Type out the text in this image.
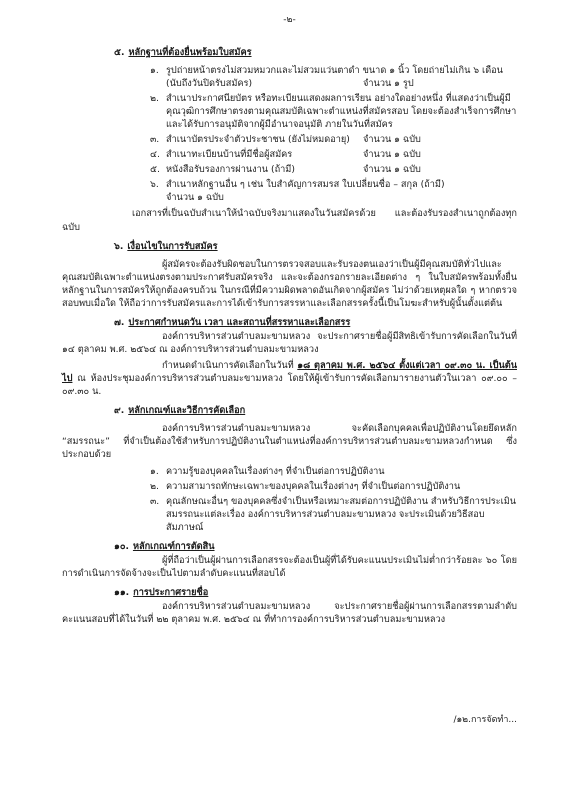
-๒-
๕. หลักฐานที่ต้องยื่นพร้อมใบสมัคร
๑. รูปถ่ายหน้าตรงไม่สวมหมวกและไม่สวมแว่นตาดำ ขนาด ๑ นิ้ว โดยถ่ายไม่เกิน ๖ เดือน
(นับถึงวันปิดรับสมัคร)	จำนวน ๑ รูป
๒. สำเนาประกาศนียบัตร หรือทะเบียนแสดงผลการเรียน อย่างใดอย่างหนึ่ง ที่แสดงว่าเป็นผู้มีคุณวุฒิการศึกษาตรงตามคุณสมบัติเฉพาะตำแหน่งที่สมัครสอบ โดยจะต้องสำเร็จการศึกษาและได้รับการอนุมัติจากผู้มีอำนาจอนุมัติ ภายในวันที่สมัคร
๓. สำเนาบัตรประจำตัวประชาชน (ยังไม่หมดอายุ)	จำนวน ๑ ฉบับ
๔. สำเนาทะเบียนบ้านที่มีชื่อผู้สมัคร	จำนวน ๑ ฉบับ
๕. หนังสือรับรองการผ่านงาน (ถ้ามี)	จำนวน ๑ ฉบับ
๖. สำเนาหลักฐานอื่น ๆ เช่น ใบสำคัญการสมรส ใบเปลี่ยนชื่อ – สกุล (ถ้ามี)
จำนวน ๑ ฉบับ
เอกสารที่เป็นฉบับสำเนาให้นำฉบับจริงมาแสดงในวันสมัครด้วย และต้องรับรองสำเนาถูกต้องทุกฉบับ
๖. เงื่อนไขในการรับสมัคร
ผู้สมัครจะต้องรับผิดชอบในการตรวจสอบและรับรองตนเองว่าเป็นผู้มีคุณสมบัติทั่วไปและคุณสมบัติเฉพาะตำแหน่งตรงตามประกาศรับสมัครจริง และจะต้องกรอกรายละเอียดต่าง ๆ ในใบสมัครพร้อมทั้งยื่นหลักฐานในการสมัครให้ถูกต้องครบถ้วน ในกรณีที่มีความผิดพลาดอันเกิดจากผู้สมัคร ไม่ว่าด้วยเหตุผลใด ๆ หากตรวจสอบพบเมื่อใด ให้ถือว่าการรับสมัครและการได้เข้ารับการสรรหาและเลือกสรรครั้งนี้เป็นโมฆะสำหรับผู้นั้นตั้งแต่ต้น
๗. ประกาศกำหนดวัน เวลา และสถานที่สรรหาและเลือกสรร
องค์การบริหารส่วนตำบลมะขามหลวง จะประกาศรายชื่อผู้มีสิทธิเข้ารับการคัดเลือกในวันที่ ๑๔ ตุลาคม พ.ศ. ๒๕๖๔ ณ องค์การบริหารส่วนตำบลมะขามหลวง
กำหนดดำเนินการคัดเลือกในวันที่ ๑๘ ตุลาคม พ.ศ. ๒๕๖๔ ตั้งแต่เวลา ๐๙.๓๐ น. เป็นต้นไป ณ ห้องประชุมองค์การบริหารส่วนตำบลมะขามหลวง โดยให้ผู้เข้ารับการคัดเลือกมารายงานตัวในเวลา ๐๙.๐๐ – ๐๙.๓๐ น.
๙. หลักเกณฑ์และวิธีการคัดเลือก
องค์การบริหารส่วนตำบลมะขามหลวง จะคัดเลือกบุคคลเพื่อปฏิบัติงานโดยยึดหลัก “สมรรถนะ” ที่จำเป็นต้องใช้สำหรับการปฏิบัติงานในตำแหน่งที่องค์การบริหารส่วนตำบลมะขามหลวงกำหนด ซึ่งประกอบด้วย
๑. ความรู้ของบุคคลในเรื่องต่างๆ ที่จำเป็นต่อการปฏิบัติงาน
๒. ความสามารถทักษะเฉพาะของบุคคลในเรื่องต่างๆ ที่จำเป็นต่อการปฏิบัติงาน
๓. คุณลักษณะอื่นๆ ของบุคคลซึ่งจำเป็นหรือเหมาะสมต่อการปฏิบัติงาน สำหรับวิธีการประเมินสมรรถนะแต่ละเรื่อง องค์การบริหารส่วนตำบลมะขามหลวง จะประเมินด้วยวิธีสอบสัมภาษณ์
๑๐. หลักเกณฑ์การตัดสิน
ผู้ที่ถือว่าเป็นผู้ผ่านการเลือกสรรจะต้องเป็นผู้ที่ได้รับคะแนนประเมินไม่ต่ำกว่าร้อยละ ๖๐ โดยการดำเนินการจัดจ้างจะเป็นไปตามลำดับคะแนนที่สอบได้
๑๑. การประกาศรายชื่อ
องค์การบริหารส่วนตำบลมะขามหลวง จะประกาศรายชื่อผู้ผ่านการเลือกสรรตามลำดับคะแนนสอบที่ได้ในวันที่ ๒๒ ตุลาคม พ.ศ. ๒๕๖๔ ณ ที่ทำการองค์การบริหารส่วนตำบลมะขามหลวง
/๑๒.การจัดทำ...
